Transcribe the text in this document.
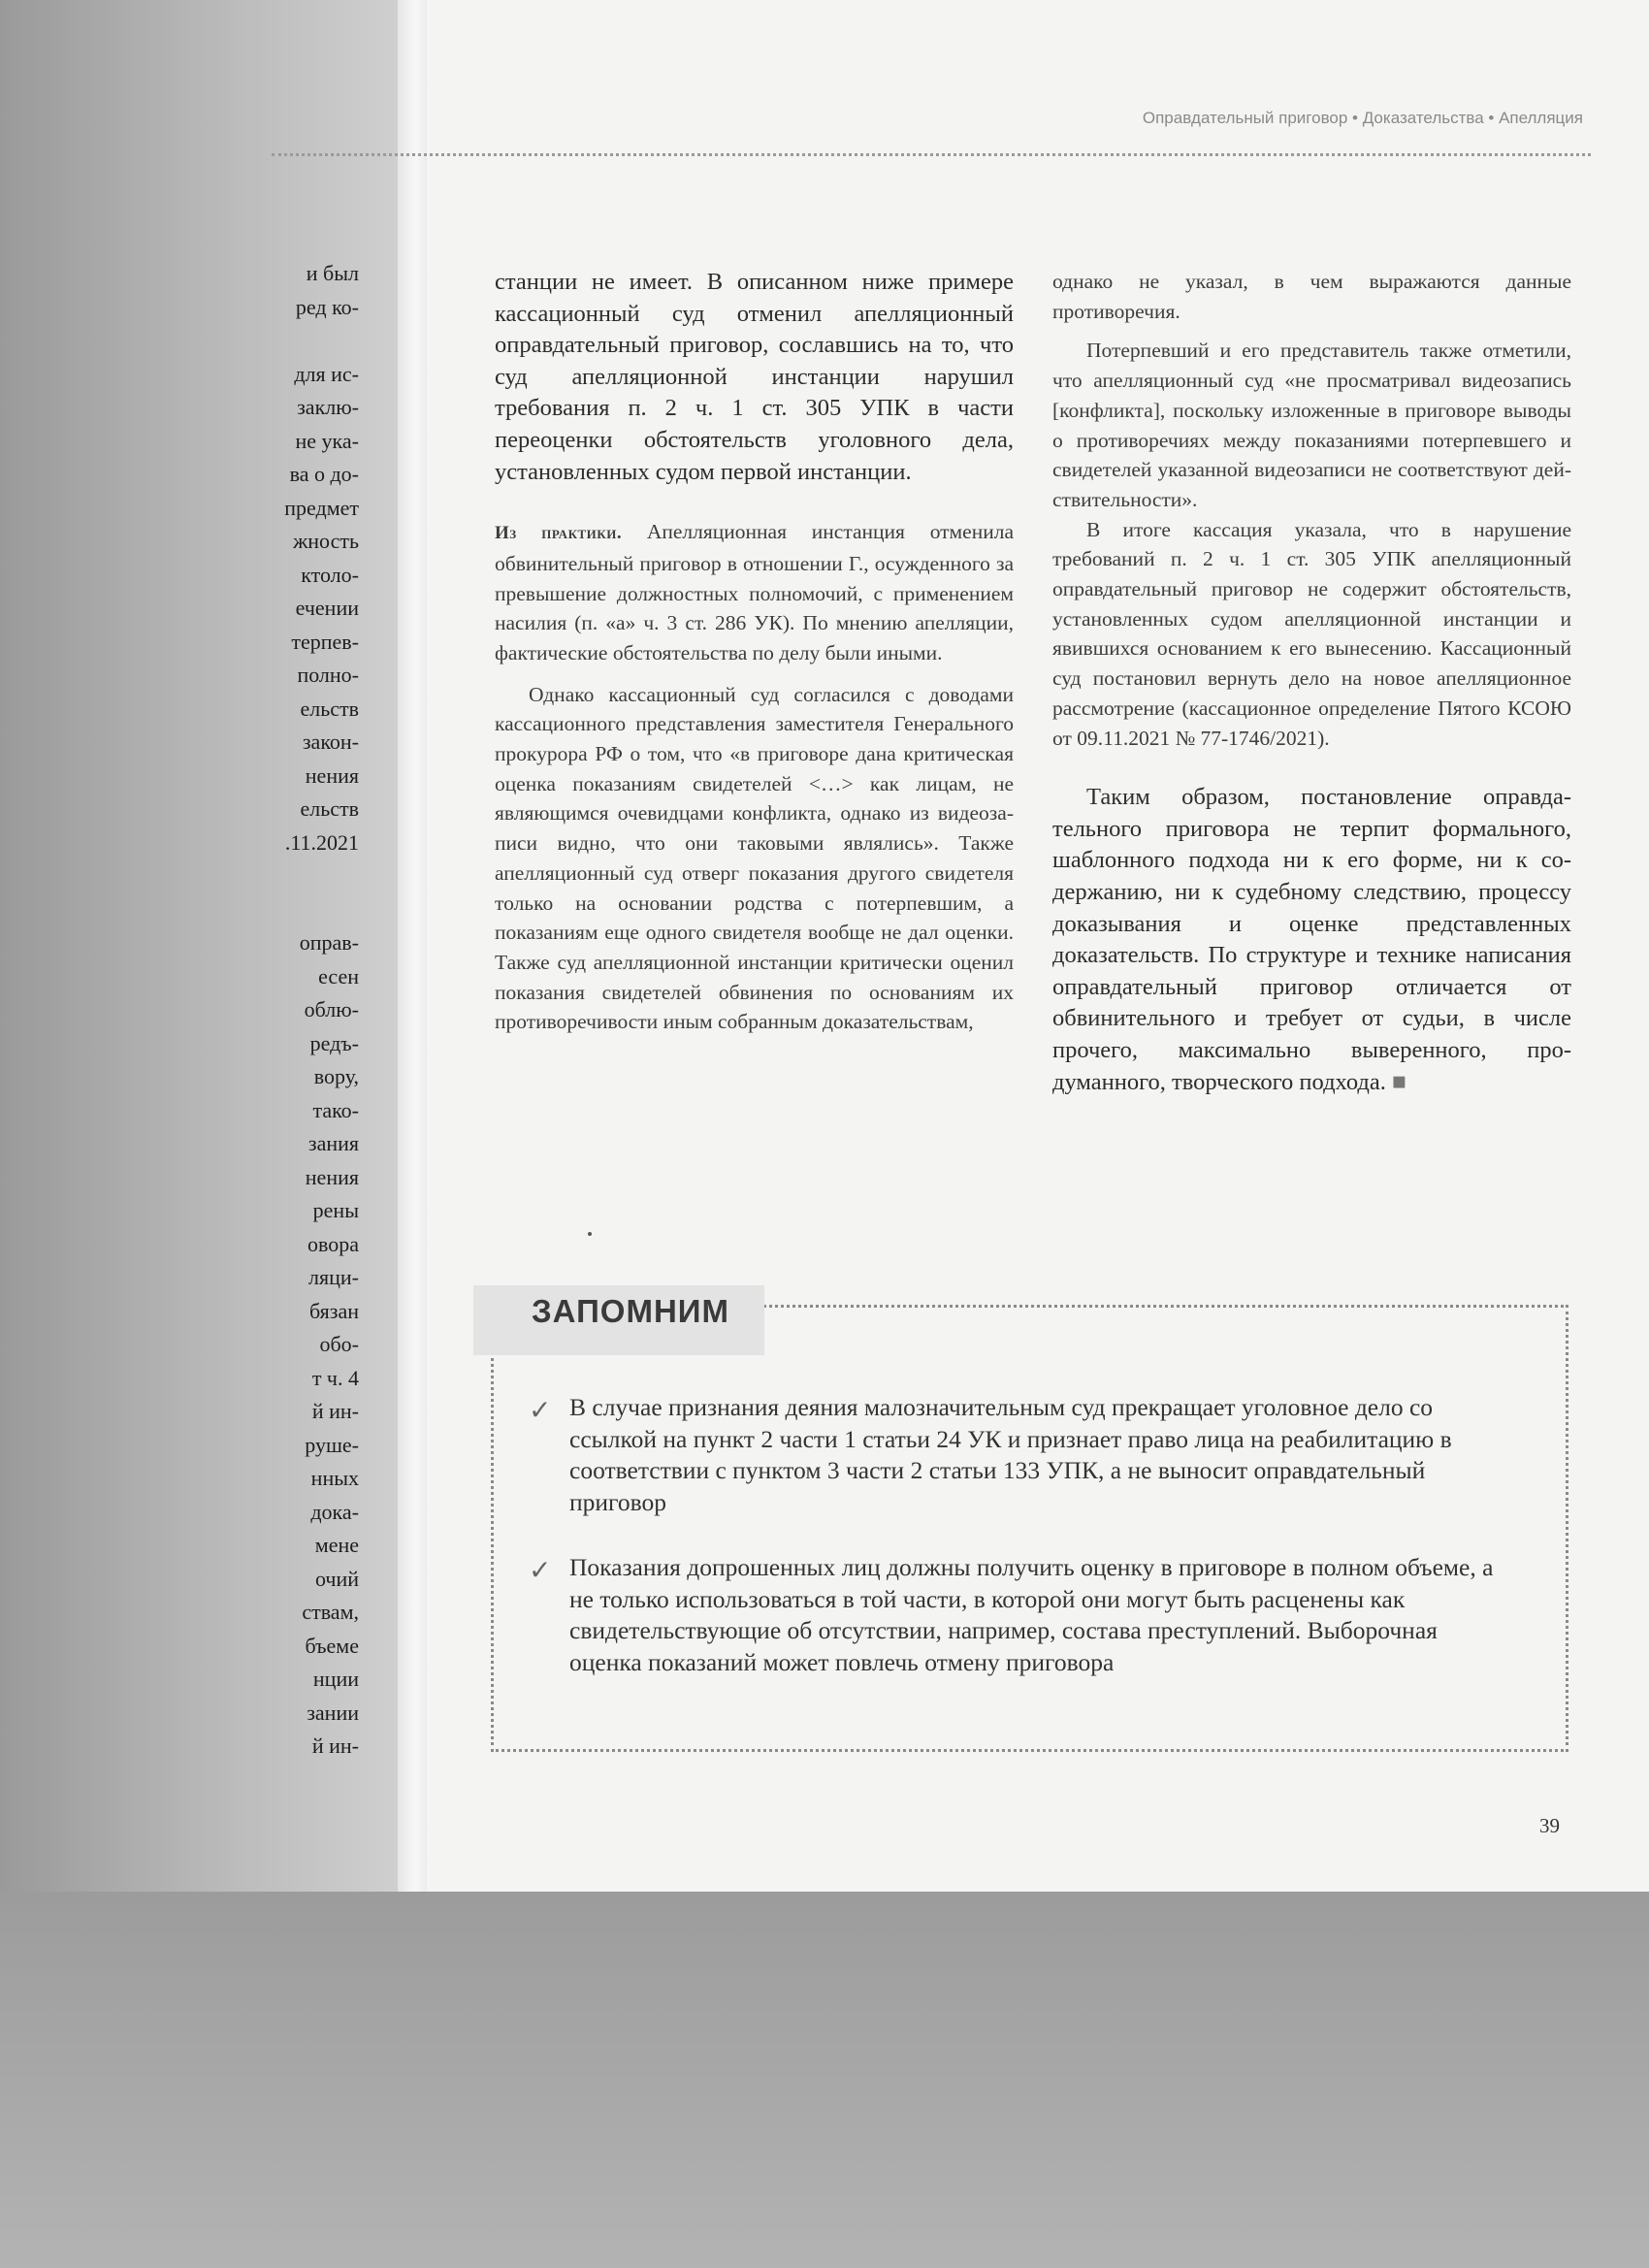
и был
ред ко-
для ис-
заклю-
не ука-
ва о до-
предмет
жность
ктоло-
ечении
терпев-
полно-
ельств
закон-
нения
ельств
.11.2021
оправ-
есен
облю-
редъ-
вору,
тако-
зания
нения
рены
овора
ляци-
бязан
обо-
т ч. 4
й ин-
руше-
нных
дока-
мене
очий
ствам,
бъеме
нции
зании
й ин-
Оправдательный приговор • Доказательства • Апелляция

станции не имеет. В описанном ниже примере кассационный суд отменил апелляционный оправдательный приговор, сославшись на то, что суд апелляционной инстанции нарушил требования п. 2 ч. 1 ст. 305 УПК в части переоценки обстоятельств уголовного дела, установленных судом первой инстанции.

Из практики. Апелляционная инстанция отменила обвинительный приговор в отношении Г., осужденного за превышение должностных полномочий, с применением насилия (п. «а» ч. 3 ст. 286 УК). По мнению апелляции, фактические обстоятельства по делу были иными.

Однако кассационный суд согласился с доводами кассационного представления заместителя Генерального прокурора РФ о том, что «в приговоре дана критическая оценка показаниям свидетелей <…> как лицам, не являющимся очевидцами конфликта, однако из видеозаписи видно, что они таковыми являлись». Также апелляционный суд отверг показания другого свидетеля только на основании родства с потерпевшим, а показаниям еще одного свидетеля вообще не дал оценки. Также суд апелляционной инстанции критически оценил показания свидетелей обвинения по основаниям их противоречивости иным собранным доказательствам,

однако не указал, в чем выражаются данные противоречия.

Потерпевший и его представитель также отметили, что апелляционный суд «не просматривал видеозапись [конфликта], поскольку изложенные в приговоре выводы о противоречиях между показаниями потерпевшего и свидетелей указанной видеозаписи не соответствуют действительности».

В итоге кассация указала, что в нарушение требований п. 2 ч. 1 ст. 305 УПК апелляционный оправдательный приговор не содержит обстоятельств, установленных судом апелляционной инстанции и явившихся основанием к его вынесению. Кассационный суд постановил вернуть дело на новое апелляционное рассмотрение (кассационное определение Пятого КСОЮ от 09.11.2021 № 77-1746/2021).

Таким образом, постановление оправдательного приговора не терпит формального, шаблонного подхода ни к его форме, ни к содержанию, ни к судебному следствию, процессу доказывания и оценке представленных доказательств. По структуре и технике написания оправдательный приговор отличается от обвинительного и требует от судьи, в числе прочего, максимально выверенного, продуманного, творческого подхода. ■

ЗАПОМНИМ
✓ В случае признания деяния малозначительным суд прекращает уголовное дело со ссылкой на пункт 2 части 1 статьи 24 УК и признает право лица на реабилитацию в соответствии с пунктом 3 части 2 статьи 133 УПК, а не выносит оправдательный приговор
✓ Показания допрошенных лиц должны получить оценку в приговоре в полном объеме, а не только использоваться в той части, в которой они могут быть расценены как свидетельствующие об отсутствии, например, состава преступлений. Выборочная оценка показаний может повлечь отмену приговора
39
